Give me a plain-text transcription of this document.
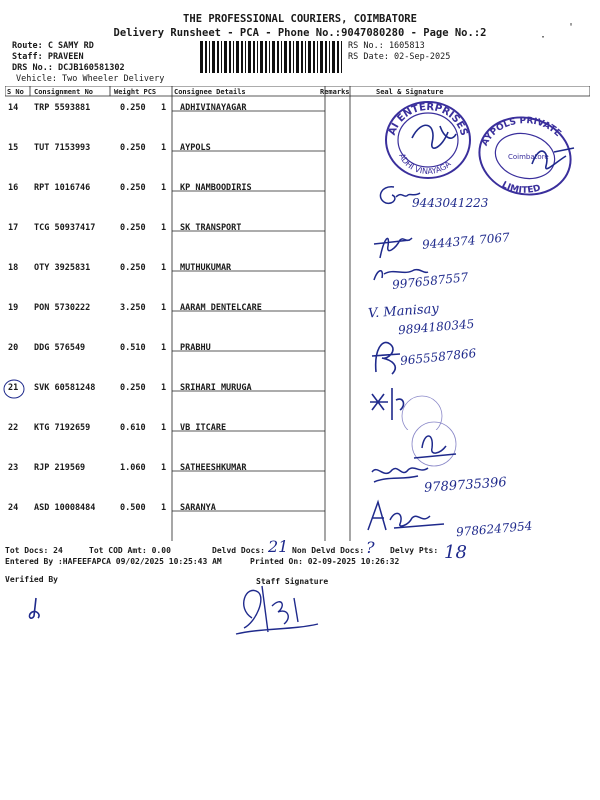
THE PROFESSIONAL COURIERS, COIMBATORE
Delivery Runsheet - PCA - Phone No.:9047080280 - Page No.:2
Route: C SAMY RD
Staff: PRAVEEN
DRS No.: DCJB160581302
Vehicle: Two Wheeler Delivery
RS No.: 1605813
RS Date: 02-Sep-2025
·
'
S No Consignment No	Weight PCS	Consignee Details	Remarks	Seal & Signature
14 TRP 5593881	0.250 1 ADHIVINAYAGAR
15 TUT 7153993	0.250 1 AYPOLS
16 RPT 1016746	0.250 1 KP NAMBOODIRIS
17 TCG 50937417	0.250 1 SK TRANSPORT
18 OTY 3925831	0.250 1 MUTHUKUMAR
19 PON 5730222	3.250 1 AARAM DENTELCARE
20 DDG 576549	0.510 1 PRABHU
21 SVK 60581248	0.250 1 SRIHARI MURUGA
22 KTG 7192659	0.610 1 VB ITCARE
23 RJP 219569	1.060 1 SATHEESHKUMAR
24 ASD 10008484	0.500 1 SARANYA
AI ENTERPRISES
ADHI VINAYAGA
AYPOLS PRIVATE
LIMITED
Coimbatore
9443041223
9444374 7067
9976587557
V. Manisay
9894180345
9655587866
9789735396
9786247954
Tot Docs: 24	Tot COD Amt: 0.00	Delvd Docs: 21 Non Delvd Docs: ? Delvy Pts: 18
Entered By :HAFEEFAPCA 09/02/2025 10:25:43 AM	Printed On: 02-09-2025 10:26:32
Verified By	Staff Signature
